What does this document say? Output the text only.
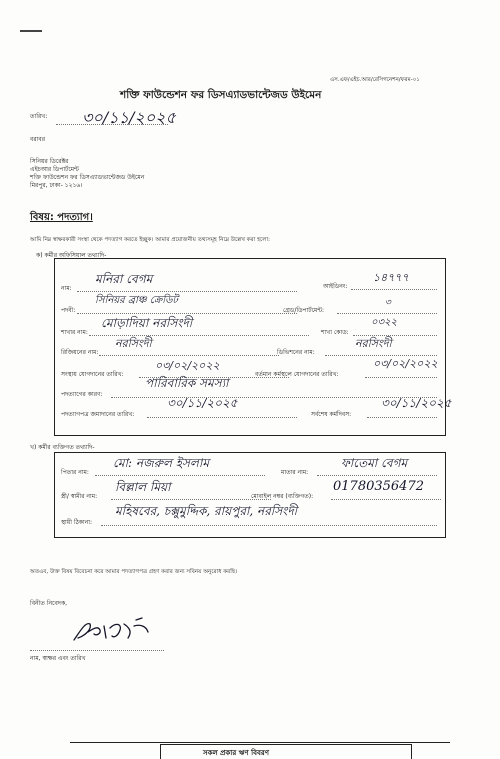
এস.এফ/এইচ.আর/রেসিগনেশন/ফরম-০১
শক্তি ফাউন্ডেশন ফর ডিসএ্যাডভান্টেজড উইমেন
তারিখ: ৩০/১১/২০২৫
বরাবর
সিনিয়র ডিরেক্টর
এইচআর ডিপার্টমেন্ট
শক্তি ফাউন্ডেশন ফর ডিসএ্যাডভান্টেজড উইমেন
মিরপুর, ঢাকা- ১২১৬।
বিষয়: পদত্যাগ।
আমি নিম্ন স্বাক্ষরকারী সংস্থা থেকে পদত্যাগ করতে ইচ্ছুক। আমার প্রয়োজনীয় তথ্যসমূহ নিম্নে উল্লেখ করা হলো:
ক) কর্মীর অফিসিয়াল তথ্যাদি-
নাম:
মনিরা বেগম
আইডিনং:
১৪৭৭৭
পদবী:
সিনিয়র ব্রাঞ্চ ক্রেডিট
গ্রেড/ডিপার্টমেন্ট:
৩
শাখার নাম:
মোড়াদিয়া নরসিংদী
শাখা কোড:
০৩২২
রিজিয়নের নাম:
নরসিংদী
ডিভিশনের নাম:
নরসিংদী
সংস্থায় যোগদানের তারিখ:
০৩/০২/২০২২
বর্তমান কর্মস্থলে যোগদানের তারিখ:
০৩/০২/২০২২
পদত্যাগের কারণ:
পারিবারিক সমস্যা
পদত্যাগপত্র জমাদানের তারিখ:
৩০/১১/২০২৫
সর্বশেষ কর্মদিবস:
৩০/১১/২০২৫
খ) কর্মীর ব্যক্তিগত তথ্যাদি-
পিতার নাম:
মো: নজরুল ইসলাম
মাতার নাম:
ফাতেমা বেগম
স্ত্রী/ স্বামীর নাম:
বিল্লাল মিয়া
মোবাইল নম্বর (ব্যক্তিগত):
01780356472
স্থায়ী ঠিকানা:
মহিষবের, চক্সুমুদ্দিক, রায়পুরা, নরসিংদী
অতএব, উক্ত বিষয় বিবেচনা করে আমার পদত্যাগপত্র গ্রহণ করার জন্য সবিনয় অনুরোধ করছি।
বিনীত নিবেদক,
নাম, স্বাক্ষর এবং তারিখ
সকল প্রকার ঋণ বিবরণ
